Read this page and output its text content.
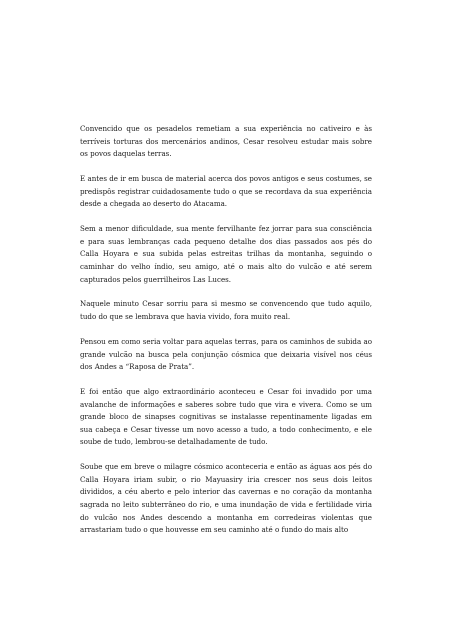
Convencido que os pesadelos remetiam a sua experiência no cativeiro e às terríveis torturas dos mercenários andinos, Cesar resolveu estudar mais sobre os povos daquelas terras.

E antes de ir em busca de material acerca dos povos antigos e seus costumes, se predispôs registrar cuidadosamente tudo o que se recordava da sua experiência desde a chegada ao deserto do Atacama.

Sem a menor dificuldade, sua mente fervilhante fez jorrar para sua consciência e para suas lembranças cada pequeno detalhe dos dias passados aos pés do Calla Hoyara e sua subida pelas estreitas trilhas da montanha, seguindo o caminhar do velho índio, seu amigo, até o mais alto do vulcão e até serem capturados pelos guerrilheiros Las Luces.

Naquele minuto Cesar sorriu para si mesmo se convencendo que tudo aquilo, tudo do que se lembrava que havia vivido, fora muito real.

Pensou em como seria voltar para aquelas terras, para os caminhos de subida ao grande vulcão na busca pela conjunção cósmica que deixaria visível nos céus dos Andes a “Raposa de Prata”.

E foi então que algo extraordinário aconteceu e Cesar foi invadido por uma avalanche de informações e saberes sobre tudo que vira e vivera. Como se um grande bloco de sinapses cognitivas se instalasse repentinamente ligadas em sua cabeça e Cesar tivesse um novo acesso a tudo, a todo conhecimento, e ele soube de tudo, lembrou-se detalhadamente de tudo.

Soube que em breve o milagre cósmico aconteceria e então as águas aos pés do Calla Hoyara iriam subir, o rio Mayuasiry iria crescer nos seus dois leitos divididos, a céu aberto e pelo interior das cavernas e no coração da montanha sagrada no leito subterrâneo do rio, e uma inundação de vida e fertilidade viria do vulcão nos Andes descendo a montanha em corredeiras violentas que arrastariam tudo o que houvesse em seu caminho até o fundo do mais alto
